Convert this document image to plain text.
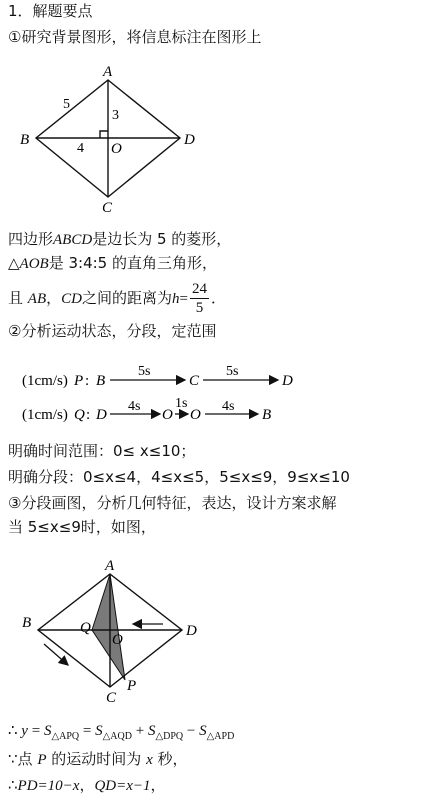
1．解题要点
①研究背景图形，将信息标注在图形上
A
B
C
D
O
5
3
4
四边形ABCD是边长为 5 的菱形，
△AOB是 3:4:5 的直角三角形，
且 AB，CD之间的距离为$h= \frac{24}{5}$ ．
②分析运动状态，分段，定范围
(1cm/s) P : B
5s
C
5s
D
(1cm/s) Q : D
4s
O
1s
O
4s
B
明确时间范围：0≤ x≤10；
明确分段：0≤x≤4，4≤x≤5，5≤x≤9，9≤x≤10
③分段画图，分析几何特征，表达，设计方案求解
当 5≤x≤9时，如图，
A
B
C
D
O
Q
P
∴ $y = S_{\triangle APQ} = S_{\triangle AQD} + S_{\triangle DPQ} - S_{\triangle APD}$
∵点 P 的运动时间为 x 秒，
∴PD=10−x，QD=x−1，
